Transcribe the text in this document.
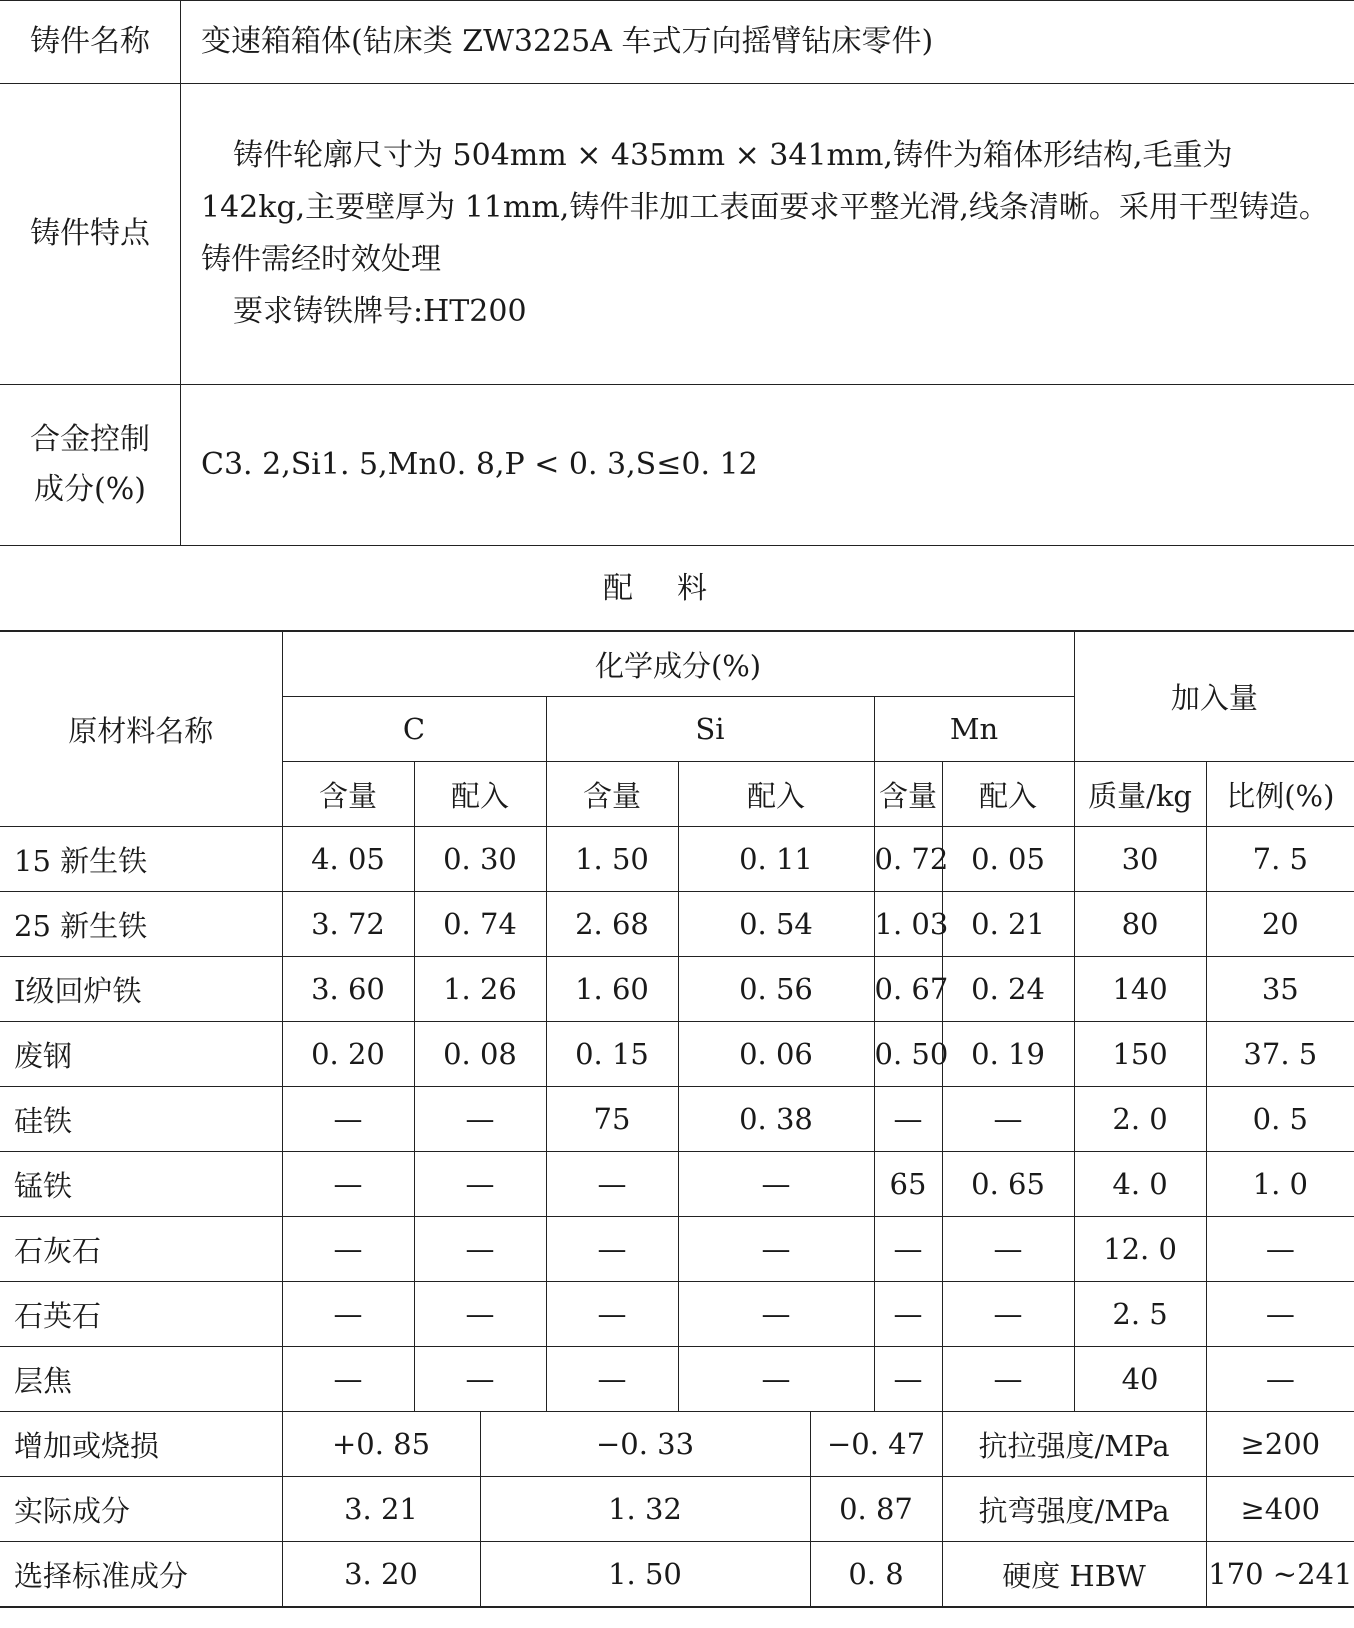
铸件名称	变速箱箱体(钻床类 ZW3225A 车式万向摇臂钻床零件)
铸件特点	铸件轮廓尺寸为 504mm × 435mm × 341mm,铸件为箱体形结构,毛重为 142kg,主要壁厚为 11mm,铸件非加工表面要求平整光滑,线条清晰。采用干型铸造。铸件需经时效处理

要求铸铁牌号:HT200

合金控制
成分(%)	C3. 2,Si1. 5,Mn0. 8,P < 0. 3,S≤0. 12
配料
原材料名称	化学成分(%)								加入量	
	C			Si			Mn			
	含量	配入		含量	配入		含量	配入	质量/kg	比例(%)
15 新生铁	4. 05	0. 30		1. 50	0. 11		0. 72	0. 05	30	7. 5
25 新生铁	3. 72	0. 74		2. 68	0. 54		1. 03	0. 21	80	20
Ⅰ级回炉铁	3. 60	1. 26		1. 60	0. 56		0. 67	0. 24	140	35
废钢	0. 20	0. 08		0. 15	0. 06		0. 50	0. 19	150	37. 5
硅铁	—	—		75	0. 38		—	—	2. 0	0. 5
锰铁	—	—		—	—		65	0. 65	4. 0	1. 0
石灰石	—	—		—	—		—	—	12. 0	—
石英石	—	—		—	—		—	—	2. 5	—
层焦	—	—		—	—		—	—	40	—
增加或烧损	+0. 85		−0. 33			−0. 47		抗拉强度/MPa		≥200
实际成分	3. 21		1. 32			0. 87		抗弯强度/MPa		≥400
选择标准成分	3. 20		1. 50			0. 8		硬度 HBW		170 ~241
